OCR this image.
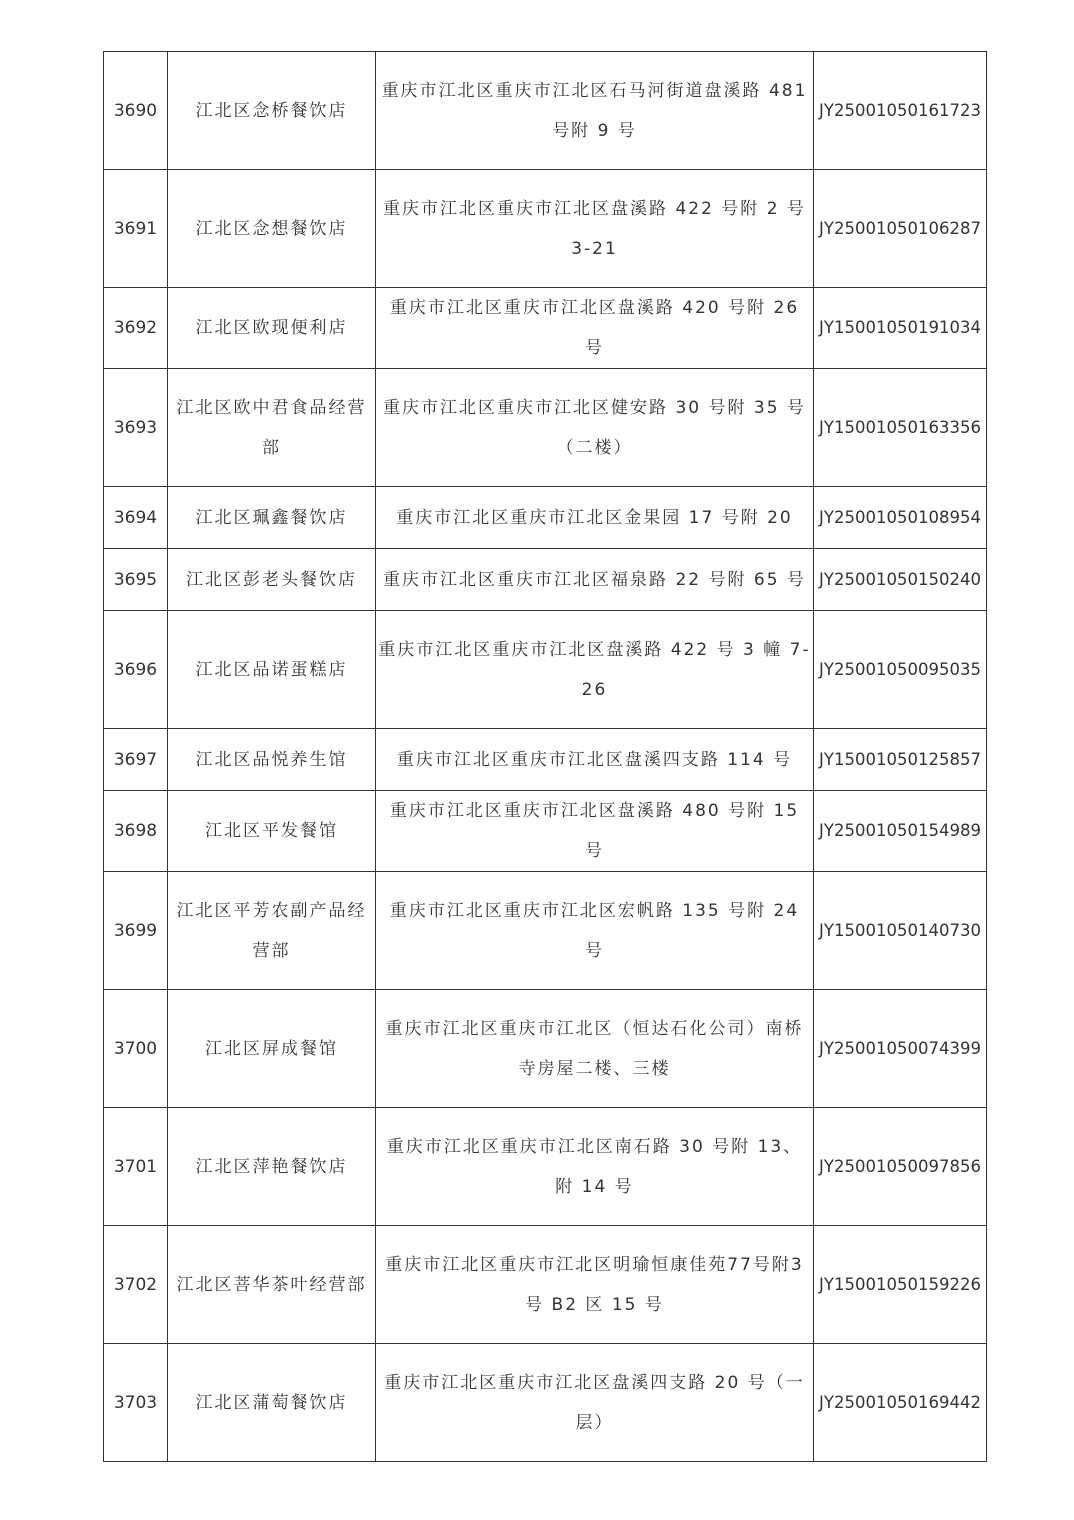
3690	江北区念桥餐饮店	重庆市江北区重庆市江北区石马河街道盘溪路 481 号附 9 号	JY25001050161723
3691	江北区念想餐饮店	重庆市江北区重庆市江北区盘溪路 422 号附 2 号 3-21	JY25001050106287
3692	江北区欧现便利店	重庆市江北区重庆市江北区盘溪路 420 号附 26 号	JY15001050191034
3693	江北区欧中君食品经营部	重庆市江北区重庆市江北区健安路 30 号附 35 号（二楼）	JY15001050163356
3694	江北区珮鑫餐饮店	重庆市江北区重庆市江北区金果园 17 号附 20	JY25001050108954
3695	江北区彭老头餐饮店	重庆市江北区重庆市江北区福泉路 22 号附 65 号	JY25001050150240
3696	江北区品诺蛋糕店	重庆市江北区重庆市江北区盘溪路 422 号 3 幢 7-26	JY25001050095035
3697	江北区品悦养生馆	重庆市江北区重庆市江北区盘溪四支路 114 号	JY15001050125857
3698	江北区平发餐馆	重庆市江北区重庆市江北区盘溪路 480 号附 15 号	JY25001050154989
3699	江北区平芳农副产品经营部	重庆市江北区重庆市江北区宏帆路 135 号附 24 号	JY15001050140730
3700	江北区屏成餐馆	重庆市江北区重庆市江北区（恒达石化公司）南桥寺房屋二楼、三楼	JY25001050074399
3701	江北区萍艳餐饮店	重庆市江北区重庆市江北区南石路 30 号附 13、附 14 号	JY25001050097856
3702	江北区菩华茶叶经营部	重庆市江北区重庆市江北区明瑜恒康佳苑77号附3号 B2 区 15 号	JY15001050159226
3703	江北区蒲萄餐饮店	重庆市江北区重庆市江北区盘溪四支路 20 号（一层）	JY25001050169442
